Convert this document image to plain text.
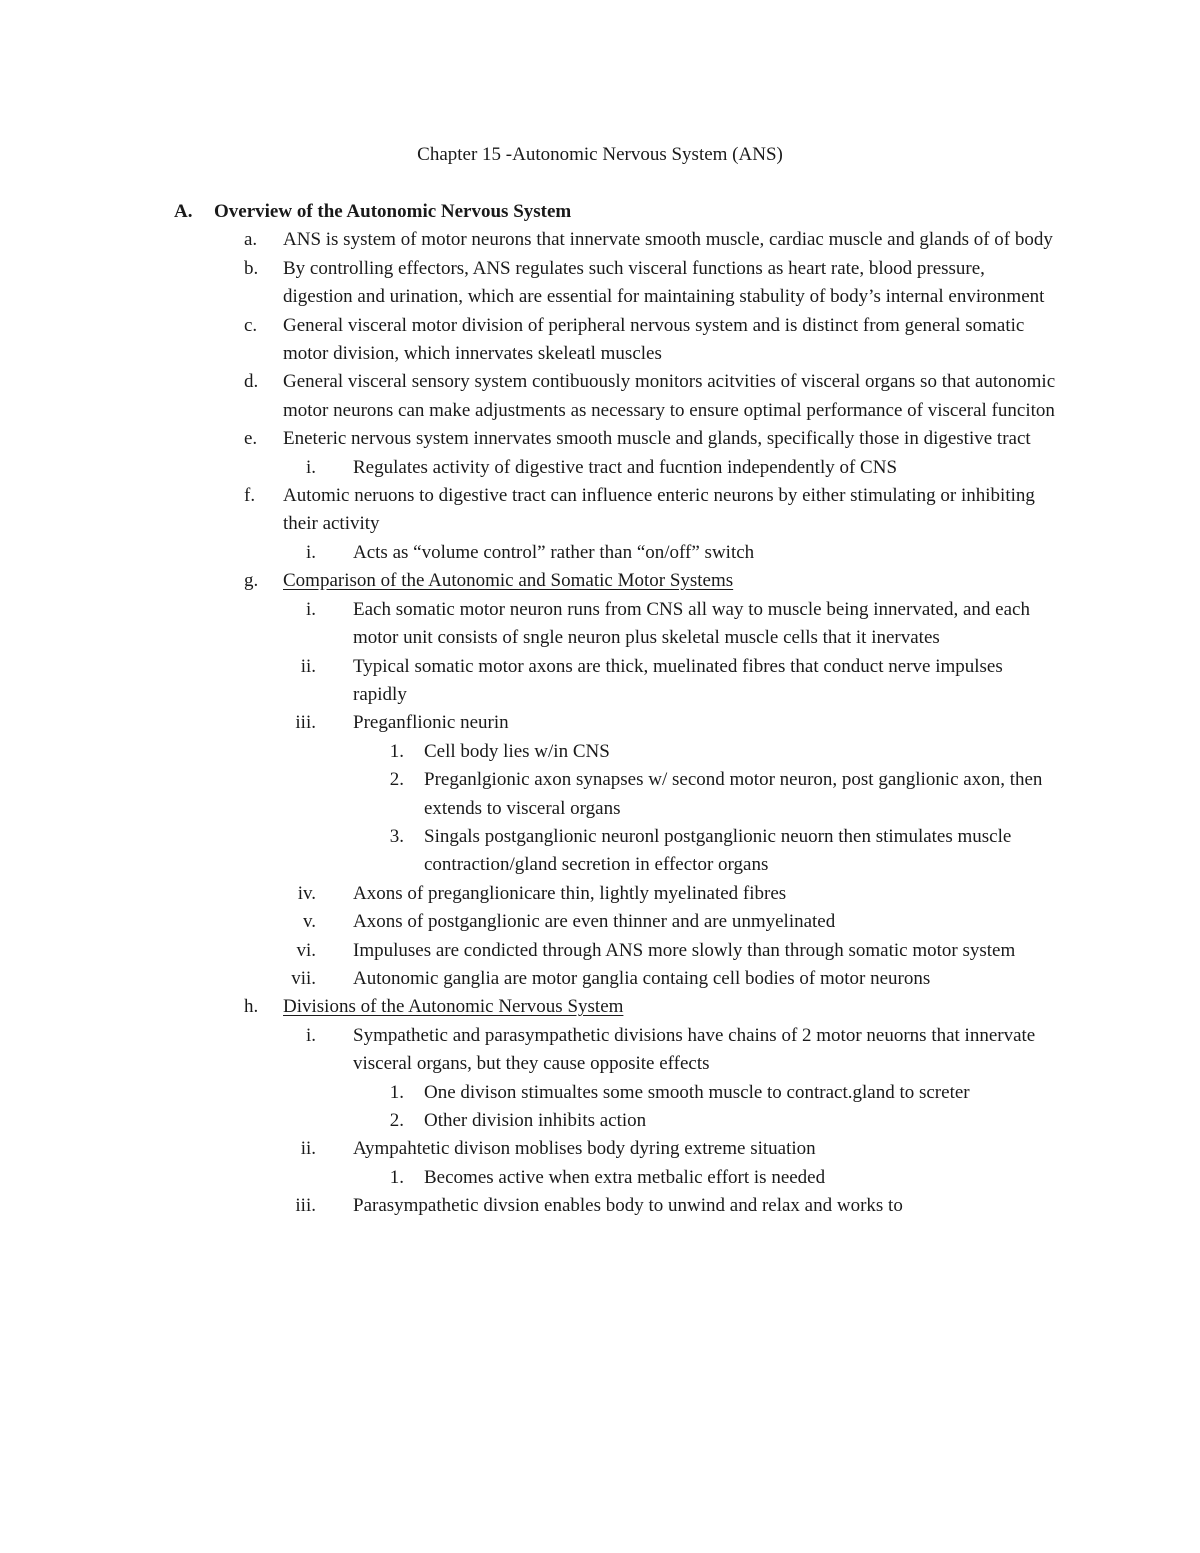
Chapter 15 -Autonomic Nervous System (ANS)
A. Overview of the Autonomic Nervous System
a. ANS is system of motor neurons that innervate smooth muscle, cardiac muscle and glands of of body
b. By controlling effectors, ANS regulates such visceral functions as heart rate, blood pressure, digestion and urination, which are essential for maintaining stabulity of body’s internal environment
c. General visceral motor division of peripheral nervous system and is distinct from general somatic motor division, which innervates skeleatl muscles
d. General visceral sensory system contibuously monitors acitvities of visceral organs so that autonomic motor neurons can make adjustments as necessary to ensure optimal performance of visceral funciton
e. Eneteric nervous system innervates smooth muscle and glands, specifically those in digestive tract
i. Regulates activity of digestive tract and fucntion independently of CNS
f. Automic neruons to digestive tract can influence enteric neurons by either stimulating or inhibiting their activity
i. Acts as “volume control” rather than “on/off” switch
g. Comparison of the Autonomic and Somatic Motor Systems
i. Each somatic motor neuron runs from CNS all way to muscle being innervated, and each motor unit consists of sngle neuron plus skeletal muscle cells that it inervates
ii. Typical somatic motor axons are thick, muelinated fibres that conduct nerve impulses rapidly
iii. Preganflionic neurin
1. Cell body lies w/in CNS
2. Preganlgionic axon synapses w/ second motor neuron, post ganglionic axon, then extends to visceral organs
3. Singals postganglionic neuronl postganglionic neuorn then stimulates muscle contraction/gland secretion in effector organs
iv. Axons of preganglionicare thin, lightly myelinated fibres
v. Axons of postganglionic are even thinner and are unmyelinated
vi. Impuluses are condicted through ANS more slowly than through somatic motor system
vii. Autonomic ganglia are motor ganglia containg cell bodies of motor neurons
h. Divisions of the Autonomic Nervous System
i. Sympathetic and parasympathetic divisions have chains of 2 motor neuorns that innervate visceral organs, but they cause opposite effects
1. One divison stimualtes some smooth muscle to contract.gland to screter
2. Other division inhibits action
ii. Aympahtetic divison moblises body dyring extreme situation
1. Becomes active when extra metbalic effort is needed
iii. Parasympathetic divsion enables body to unwind and relax and works to
